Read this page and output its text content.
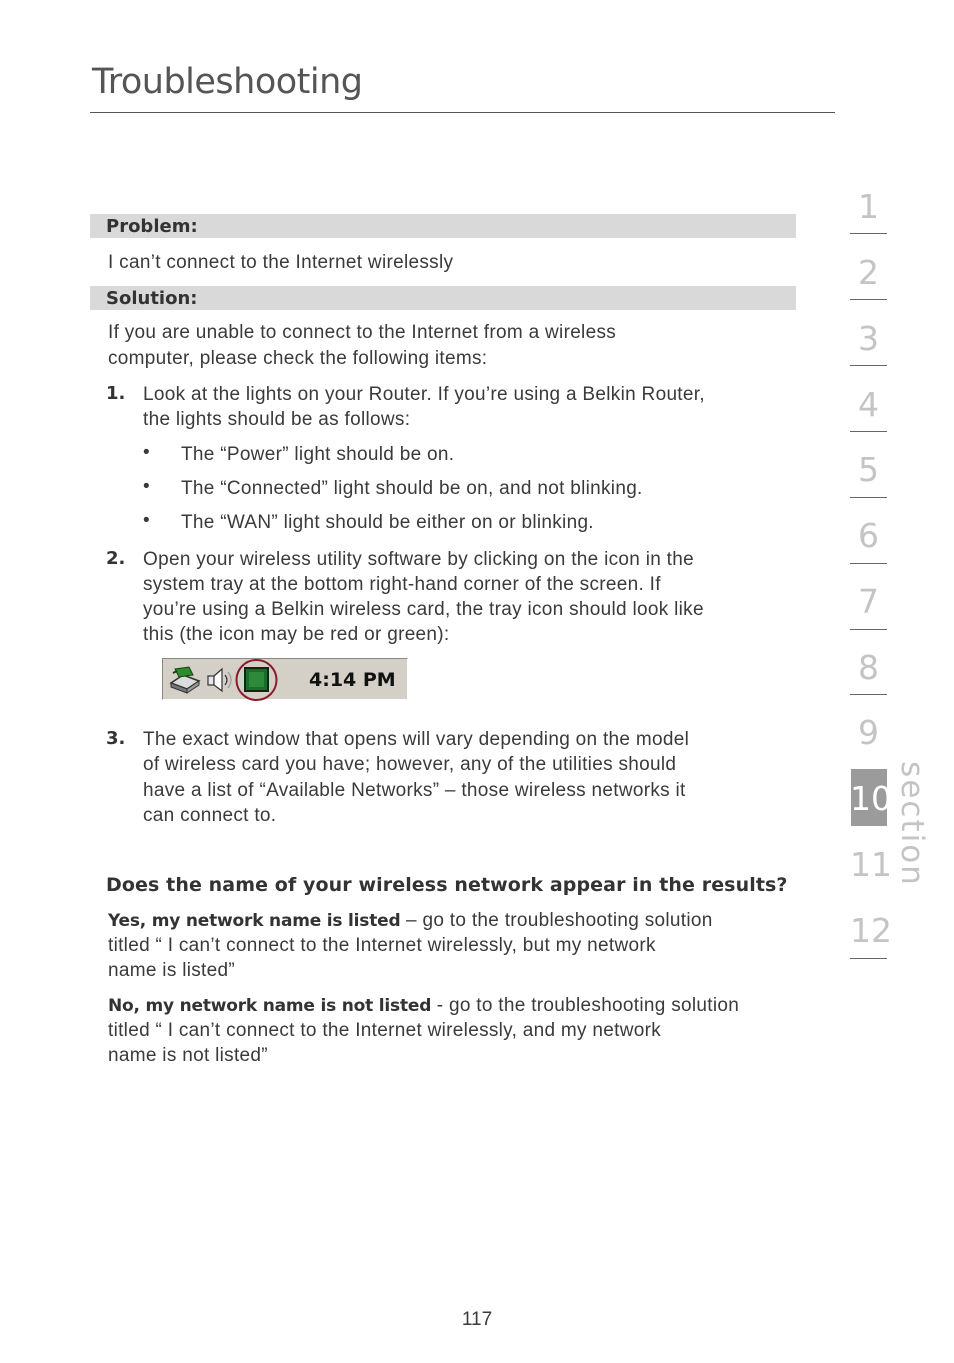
Troubleshooting
Problem:
I can’t connect to the Internet wirelessly
Solution:
If you are unable to connect to the Internet from a wireless
computer, please check the following items:
1. Look at the lights on your Router. If you’re using a Belkin Router,
the lights should be as follows:
• The “Power” light should be on.
• The “Connected” light should be on, and not blinking.
• The “WAN” light should be either on or blinking.
2. Open your wireless utility software by clicking on the icon in the
system tray at the bottom right-hand corner of the screen. If
you’re using a Belkin wireless card, the tray icon should look like
this (the icon may be red or green):
4:14 PM
3. The exact window that opens will vary depending on the model
of wireless card you have; however, any of the utilities should
have a list of “Available Networks” – those wireless networks it
can connect to.
Does the name of your wireless network appear in the results?
Yes, my network name is listed – go to the troubleshooting solution
titled “ I can’t connect to the Internet wirelessly, but my network
name is listed”
No, my network name is not listed - go to the troubleshooting solution
titled “ I can’t connect to the Internet wirelessly, and my network
name is not listed”
1
2
3
4
5
6
7
8
9
10
11
12
section
117
